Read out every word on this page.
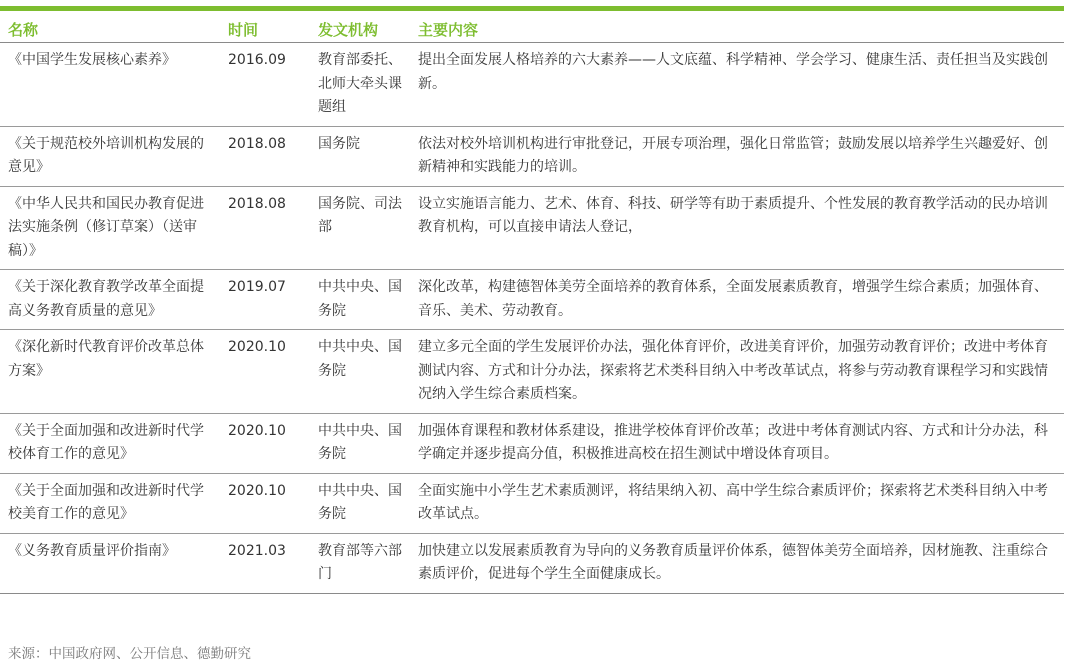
名称	时间	发文机构	主要内容
《中国学生发展核心素养》	2016.09	教育部委托、北师大牵头课题组	提出全面发展人格培养的六大素养——人文底蕴、科学精神、学会学习、健康生活、责任担当及实践创新。
《关于规范校外培训机构发展的意见》	2018.08	国务院	依法对校外培训机构进行审批登记，开展专项治理，强化日常监管；鼓励发展以培养学生兴趣爱好、创新精神和实践能力的培训。
《中华人民共和国民办教育促进法实施条例（修订草案）（送审稿）》	2018.08	国务院、司法部	设立实施语言能力、艺术、体育、科技、研学等有助于素质提升、个性发展的教育教学活动的民办培训教育机构，可以直接申请法人登记，
《关于深化教育教学改革全面提高义务教育质量的意见》	2019.07	中共中央、国务院	深化改革，构建德智体美劳全面培养的教育体系，全面发展素质教育，增强学生综合素质；加强体育、音乐、美术、劳动教育。
《深化新时代教育评价改革总体方案》	2020.10	中共中央、国务院	建立多元全面的学生发展评价办法，强化体育评价，改进美育评价，加强劳动教育评价；改进中考体育测试内容、方式和计分办法，探索将艺术类科目纳入中考改革试点，将参与劳动教育课程学习和实践情况纳入学生综合素质档案。
《关于全面加强和改进新时代学校体育工作的意见》	2020.10	中共中央、国务院	加强体育课程和教材体系建设，推进学校体育评价改革；改进中考体育测试内容、方式和计分办法，科学确定并逐步提高分值，积极推进高校在招生测试中增设体育项目。
《关于全面加强和改进新时代学校美育工作的意见》	2020.10	中共中央、国务院	全面实施中小学生艺术素质测评，将结果纳入初、高中学生综合素质评价；探索将艺术类科目纳入中考改革试点。
《义务教育质量评价指南》	2021.03	教育部等六部门	加快建立以发展素质教育为导向的义务教育质量评价体系，德智体美劳全面培养，因材施教、注重综合素质评价，促进每个学生全面健康成长。
来源：中国政府网、公开信息、德勤研究
